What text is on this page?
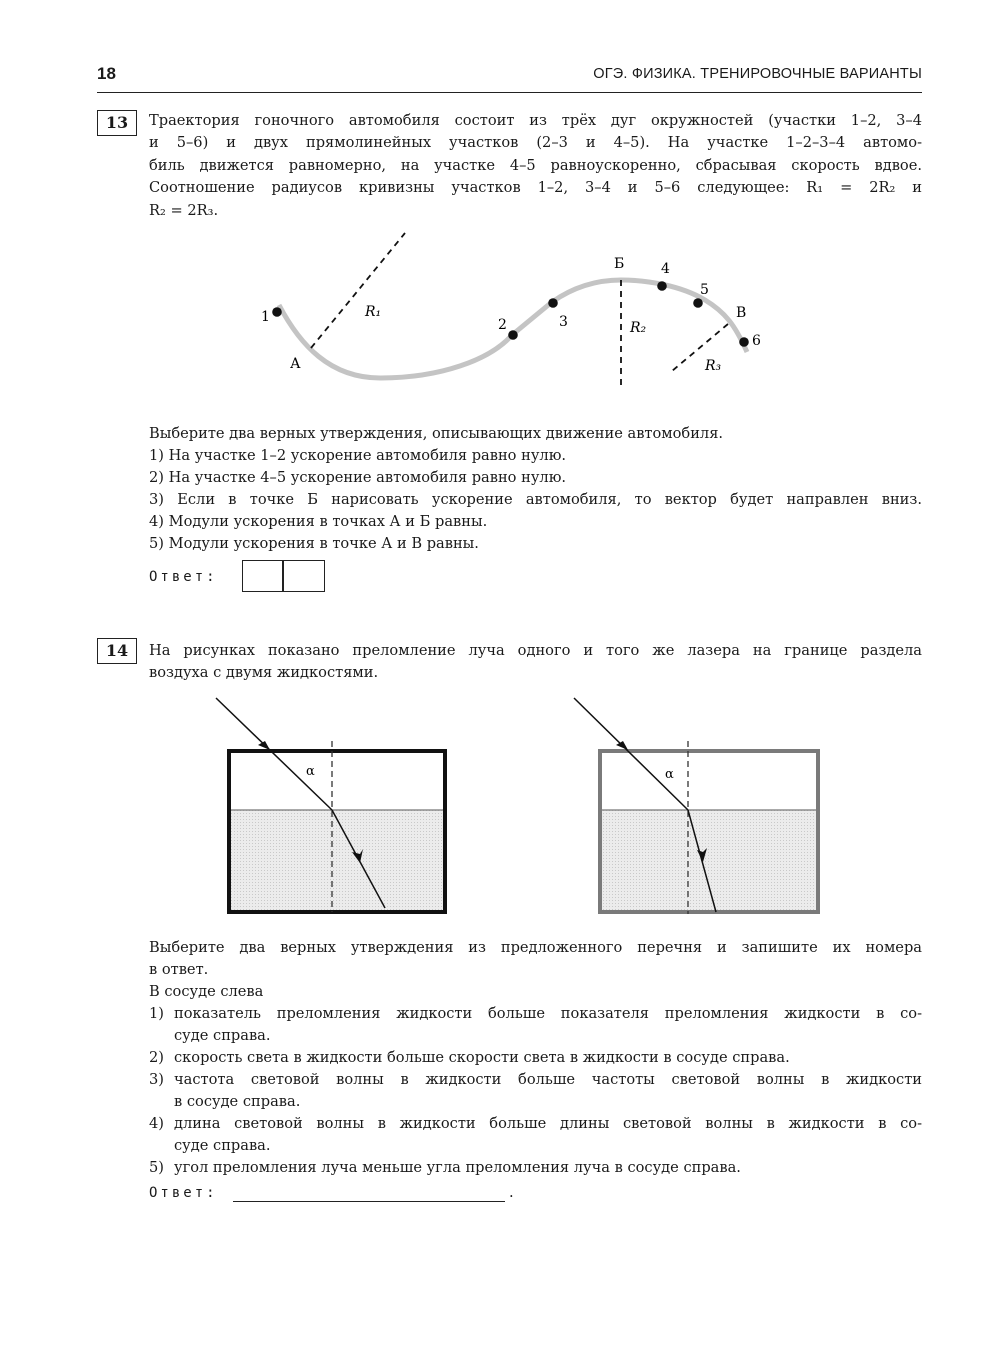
18	ОГЭ. ФИЗИКА. ТРЕНИРОВОЧНЫЕ ВАРИАНТЫ
13	Траектория гоночного автомобиля состоит из трёх дуг окружностей (участки 1–2, 3–4
и 5–6) и двух прямолинейных участков (2–3 и 4–5). На участке 1–2–3–4 автомо-
биль движется равномерно, на участке 4–5 равноускоренно, сбрасывая скорость вдвое.
Соотношение радиусов кривизны участков 1–2, 3–4 и 5–6 следующее: R₁ = 2R₂ и
R₂ = 2R₃.
1	2	3
4
5
6
А
Б
В
R₁
R₂
R₃
Выберите два верных утверждения, описывающих движение автомобиля.
1) На участке 1–2 ускорение автомобиля равно нулю.
2) На участке 4–5 ускорение автомобиля равно нулю.
3) Если в точке Б нарисовать ускорение автомобиля, то вектор будет направлен вниз.
4) Модули ускорения в точках А и Б равны.
5) Модули ускорения в точке А и В равны.
Ответ:
14	На рисунках показано преломление луча одного и того же лазера на границе раздела
воздуха с двумя жидкостями.
α	α
Выберите два верных утверждения из предложенного перечня и запишите их номера
в ответ.
В сосуде слева
1) показатель преломления жидкости больше показателя преломления жидкости в со-
суде справа.
2) скорость света в жидкости больше скорости света в жидкости в сосуде справа.
3) частота световой волны в жидкости больше частоты световой волны в жидкости
в сосуде справа.
4) длина световой волны в жидкости больше длины световой волны в жидкости в со-
суде справа.
5) угол преломления луча меньше угла преломления луча в сосуде справа.
Ответ:	.
